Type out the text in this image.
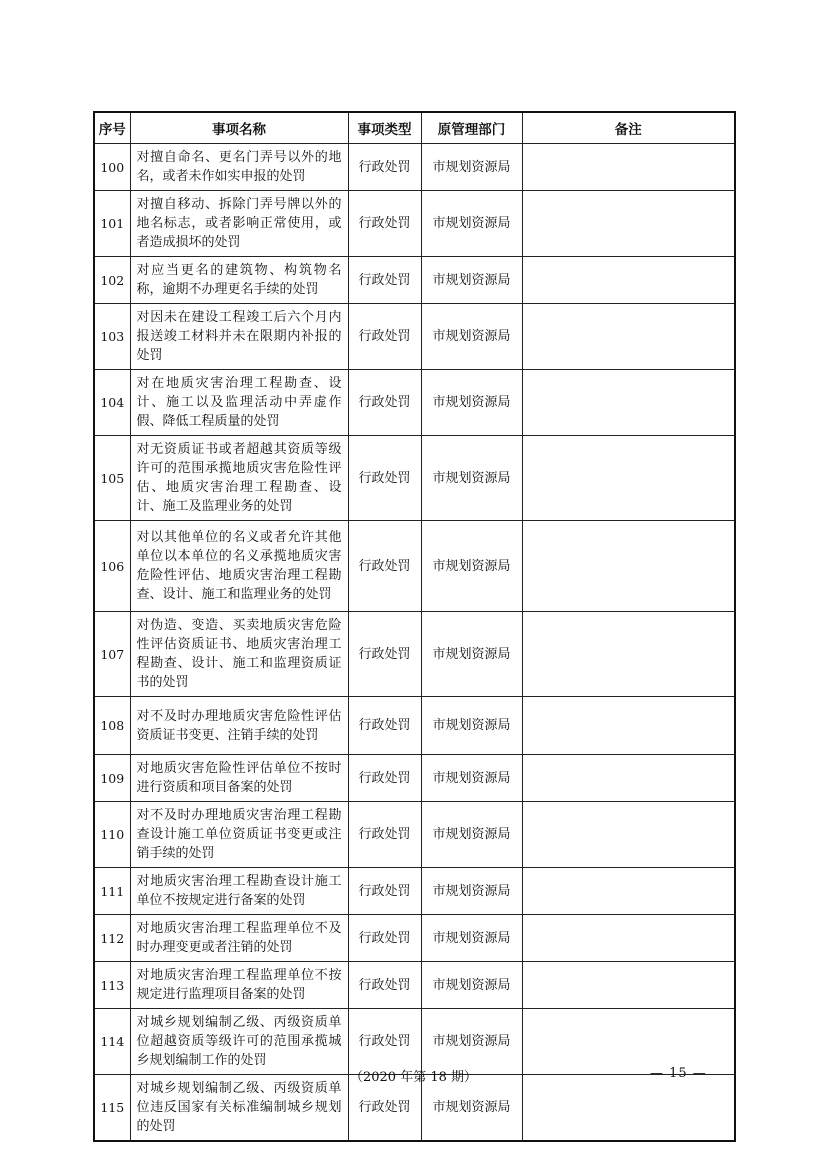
序号	事项名称	事项类型	原管理部门	备注
100	对擅自命名、更名门弄号以外的地名，或者未作如实申报的处罚	行政处罚	市规划资源局	
101	对擅自移动、拆除门弄号牌以外的地名标志，或者影响正常使用，或者造成损坏的处罚	行政处罚	市规划资源局	
102	对应当更名的建筑物、构筑物名称，逾期不办理更名手续的处罚	行政处罚	市规划资源局	
103	对因未在建设工程竣工后六个月内报送竣工材料并未在限期内补报的处罚	行政处罚	市规划资源局	
104	对在地质灾害治理工程勘查、设计、施工以及监理活动中弄虚作假、降低工程质量的处罚	行政处罚	市规划资源局	
105	对无资质证书或者超越其资质等级许可的范围承揽地质灾害危险性评估、地质灾害治理工程勘查、设计、施工及监理业务的处罚	行政处罚	市规划资源局	
106	对以其他单位的名义或者允许其他单位以本单位的名义承揽地质灾害危险性评估、地质灾害治理工程勘查、设计、施工和监理业务的处罚	行政处罚	市规划资源局	
107	对伪造、变造、买卖地质灾害危险性评估资质证书、地质灾害治理工程勘查、设计、施工和监理资质证书的处罚	行政处罚	市规划资源局	
108	对不及时办理地质灾害危险性评估资质证书变更、注销手续的处罚	行政处罚	市规划资源局	
109	对地质灾害危险性评估单位不按时进行资质和项目备案的处罚	行政处罚	市规划资源局	
110	对不及时办理地质灾害治理工程勘查设计施工单位资质证书变更或注销手续的处罚	行政处罚	市规划资源局	
111	对地质灾害治理工程勘查设计施工单位不按规定进行备案的处罚	行政处罚	市规划资源局	
112	对地质灾害治理工程监理单位不及时办理变更或者注销的处罚	行政处罚	市规划资源局	
113	对地质灾害治理工程监理单位不按规定进行监理项目备案的处罚	行政处罚	市规划资源局	
114	对城乡规划编制乙级、丙级资质单位超越资质等级许可的范围承揽城乡规划编制工作的处罚	行政处罚	市规划资源局	
115	对城乡规划编制乙级、丙级资质单位违反国家有关标准编制城乡规划的处罚	行政处罚	市规划资源局	
（2020 年第 18 期）	— 15 —
